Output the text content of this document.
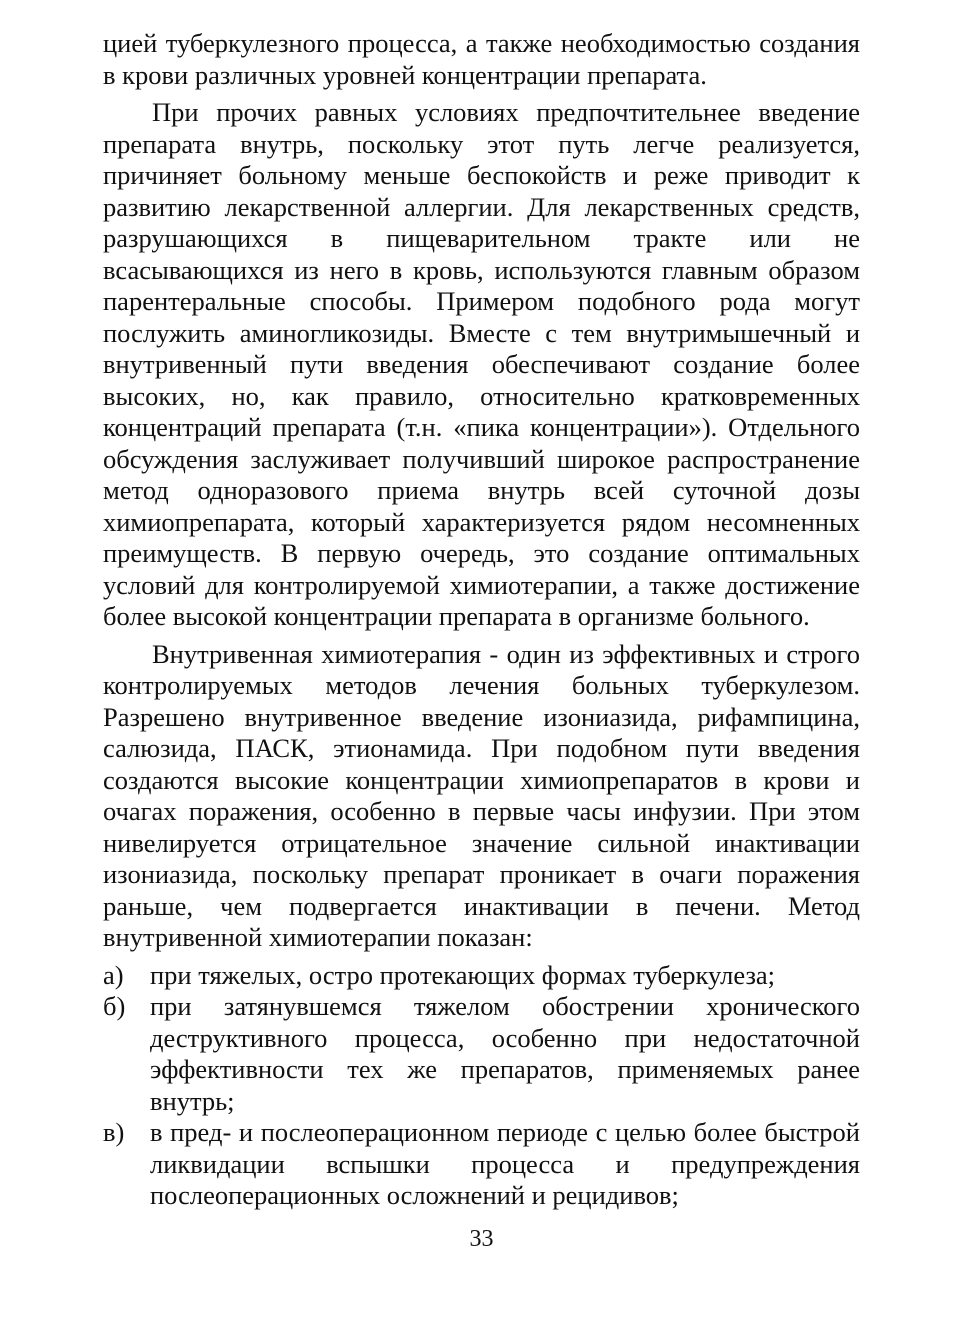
цией туберкулезного процесса, а также необходимостью создания в крови различных уровней концентрации препарата.

При прочих равных условиях предпочтительнее введение препарата внутрь, поскольку этот путь легче реализуется, причиняет больному меньше беспокойств и реже приводит к развитию лекарственной аллергии. Для лекарственных средств, разрушающихся в пищеварительном тракте или не всасывающихся из него в кровь, используются главным образом парентеральные способы. Примером подобного рода могут послужить аминогликозиды. Вместе с тем внутримышечный и внутривенный пути введения обеспечивают создание более высоких, но, как правило, относительно кратковременных концентраций препарата (т.н. «пика концентрации»). Отдельного обсуждения заслуживает получивший широкое распространение метод одноразового приема внутрь всей суточной дозы химиопрепарата, который характеризуется рядом несомненных преимуществ. В первую очередь, это создание оптимальных условий для контролируемой химиотерапии, а также достижение более высокой концентрации препарата в организме больного.

Внутривенная химиотерапия - один из эффективных и строго контролируемых методов лечения больных туберкулезом. Разрешено внутривенное введение изониазида, рифампицина, салюзида, ПАСК, этионамида. При подобном пути введения создаются высокие концентрации химиопрепаратов в крови и очагах поражения, особенно в первые часы инфузии. При этом нивелируется отрицательное значение сильной инактивации изониазида, поскольку препарат проникает в очаги поражения раньше, чем подвергается инактивации в печени. Метод внутривенной химиотерапии показан:

а) при тяжелых, остро протекающих формах туберкулеза;
б) при затянувшемся тяжелом обострении хронического деструктивного процесса, особенно при недостаточной эффективности тех же препаратов, применяемых ранее внутрь;
в) в пред- и послеоперационном периоде с целью более быстрой ликвидации вспышки процесса и предупреждения послеоперационных осложнений и рецидивов;
33
